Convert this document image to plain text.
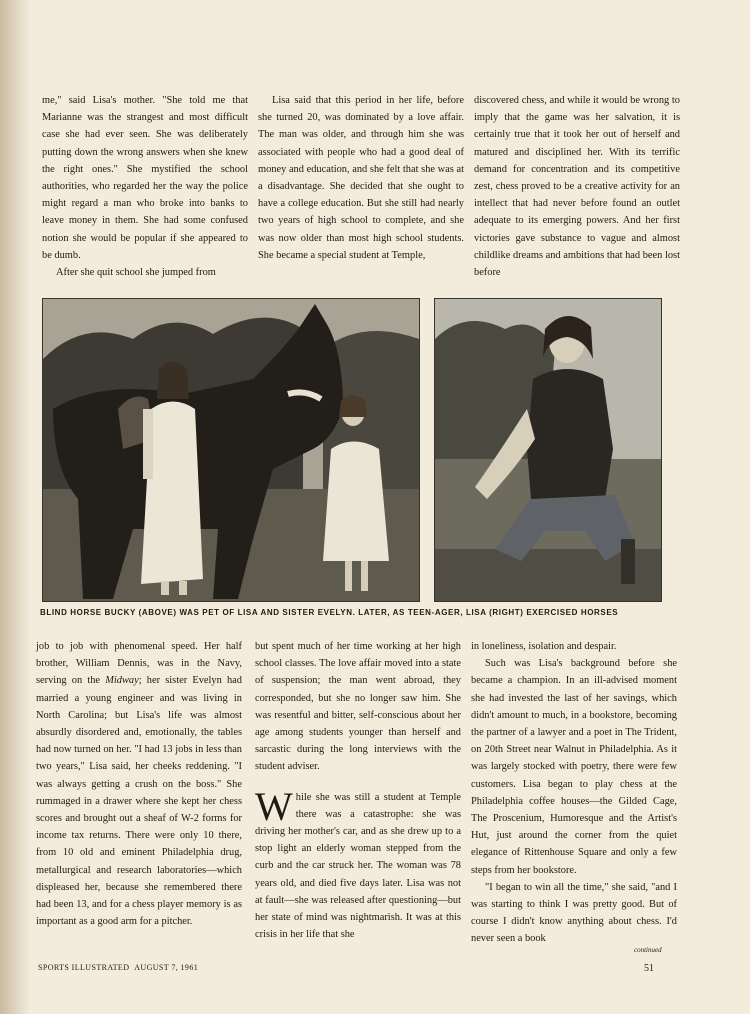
me," said Lisa's mother. "She told me that Marianne was the strangest and most difficult case she had ever seen. She was deliberately putting down the wrong answers when she knew the right ones." She mystified the school authorities, who regarded her the way the police might regard a man who broke into banks to leave money in them. She had some confused notion she would be popular if she appeared to be dumb.

After she quit school she jumped from

Lisa said that this period in her life, before she turned 20, was dominated by a love affair. The man was older, and through him she was associated with people who had a good deal of money and education, and she felt that she was at a disadvantage. She decided that she ought to have a college education. But she still had nearly two years of high school to complete, and she was now older than most high school students. She became a special student at Temple,

discovered chess, and while it would be wrong to imply that the game was her salvation, it is certainly true that it took her out of herself and matured and disciplined her. With its terrific demand for concentration and its competitive zest, chess proved to be a creative activity for an intellect that had never before found an outlet adequate to its emerging powers. And her first victories gave substance to vague and almost childlike dreams and ambitions that had been lost before

BLIND HORSE BUCKY (ABOVE) WAS PET OF LISA AND SISTER EVELYN. LATER, AS TEEN-AGER, LISA (RIGHT) EXERCISED HORSES

job to job with phenomenal speed. Her half brother, William Dennis, was in the Navy, serving on the Midway; her sister Evelyn had married a young engineer and was living in North Carolina; but Lisa's life was almost absurdly disordered and, emotionally, the tables had now turned on her. "I had 13 jobs in less than two years," Lisa said, her cheeks reddening. "I was always getting a crush on the boss." She rummaged in a drawer where she kept her chess scores and brought out a sheaf of W-2 forms for income tax returns. There were only 10 there, from 10 old and eminent Philadelphia drug, metallurgical and research laboratories—which displeased her, because she remembered there had been 13, and for a chess player memory is as important as a good arm for a pitcher.

but spent much of her time working at her high school classes. The love affair moved into a state of suspension; the man went abroad, they corresponded, but she no longer saw him. She was resentful and bitter, self-conscious about her age among students younger than herself and sarcastic during the long interviews with the student adviser.

While she was still a student at Temple there was a catastrophe: she was driving her mother's car, and as she drew up to a stop light an elderly woman stepped from the curb and the car struck her. The woman was 78 years old, and died five days later. Lisa was not at fault—she was released after questioning—but her state of mind was nightmarish. It was at this crisis in her life that she

in loneliness, isolation and despair.

Such was Lisa's background before she became a champion. In an ill-advised moment she had invested the last of her savings, which didn't amount to much, in a bookstore, becoming the partner of a lawyer and a poet in The Trident, on 20th Street near Walnut in Philadelphia. As it was largely stocked with poetry, there were few customers. Lisa began to play chess at the Philadelphia coffee houses—the Gilded Cage, The Proscenium, Humoresque and the Artist's Hut, just around the corner from the quiet elegance of Rittenhouse Square and only a few steps from her bookstore.

"I began to win all the time," she said, "and I was starting to think I was pretty good. But of course I didn't know anything about chess. I'd never seen a book

continued
SPORTS ILLUSTRATED AUGUST 7, 1961	51
